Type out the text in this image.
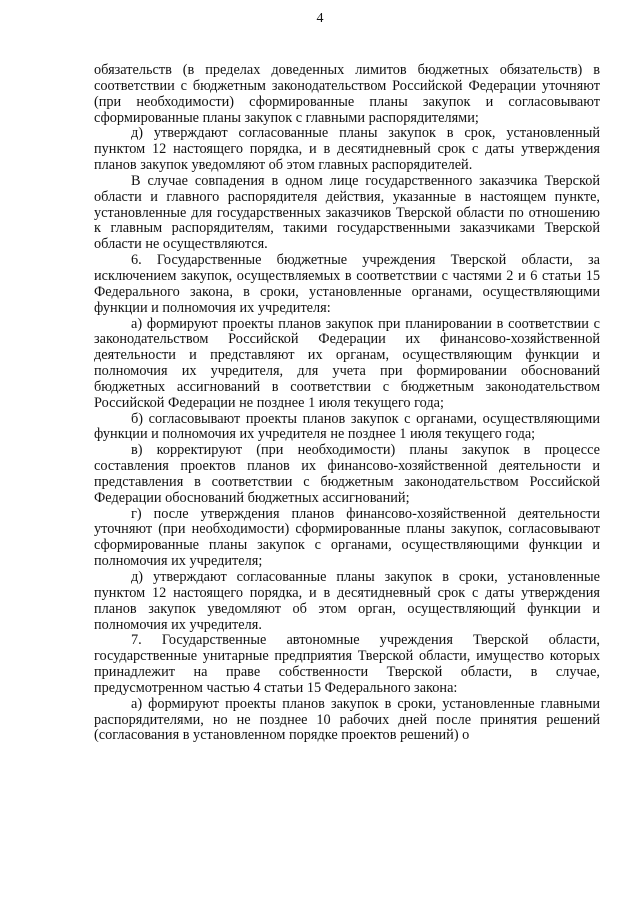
4

обязательств (в пределах доведенных лимитов бюджетных обязательств) в соответствии с бюджетным законодательством Российской Федерации уточняют (при необходимости) сформированные планы закупок и согласовывают сформированные планы закупок с главными распорядителями;

д) утверждают согласованные планы закупок в срок, установленный пунктом 12 настоящего порядка, и в десятидневный срок с даты утверждения планов закупок уведомляют об этом главных распорядителей.

В случае совпадения в одном лице государственного заказчика Тверской области и главного распорядителя действия, указанные в настоящем пункте, установленные для государственных заказчиков Тверской области по отношению к главным распорядителям, такими государственными заказчиками Тверской области не осуществляются.

6. Государственные бюджетные учреждения Тверской области, за исключением закупок, осуществляемых в соответствии с частями 2 и 6 статьи 15 Федерального закона, в сроки, установленные органами, осуществляющими функции и полномочия их учредителя:

а) формируют проекты планов закупок при планировании в соответствии с законодательством Российской Федерации их финансово-хозяйственной деятельности и представляют их органам, осуществляющим функции и полномочия их учредителя, для учета при формировании обоснований бюджетных ассигнований в соответствии с бюджетным законодательством Российской Федерации не позднее 1 июля текущего года;

б) согласовывают проекты планов закупок с органами, осуществляющими функции и полномочия их учредителя не позднее 1 июля текущего года;

в) корректируют (при необходимости) планы закупок в процессе составления проектов планов их финансово-хозяйственной деятельности и представления в соответствии с бюджетным законодательством Российской Федерации обоснований бюджетных ассигнований;

г) после утверждения планов финансово-хозяйственной деятельности уточняют (при необходимости) сформированные планы закупок, согласовывают сформированные планы закупок с органами, осуществляющими функции и полномочия их учредителя;

д) утверждают согласованные планы закупок в сроки, установленные пунктом 12 настоящего порядка, и в десятидневный срок с даты утверждения планов закупок уведомляют об этом орган, осуществляющий функции и полномочия их учредителя.

7. Государственные автономные учреждения Тверской области, государственные унитарные предприятия Тверской области, имущество которых принадлежит на праве собственности Тверской области, в случае, предусмотренном частью 4 статьи 15 Федерального закона:

а) формируют проекты планов закупок в сроки, установленные главными распорядителями, но не позднее 10 рабочих дней после принятия решений (согласования в установленном порядке проектов решений) о
